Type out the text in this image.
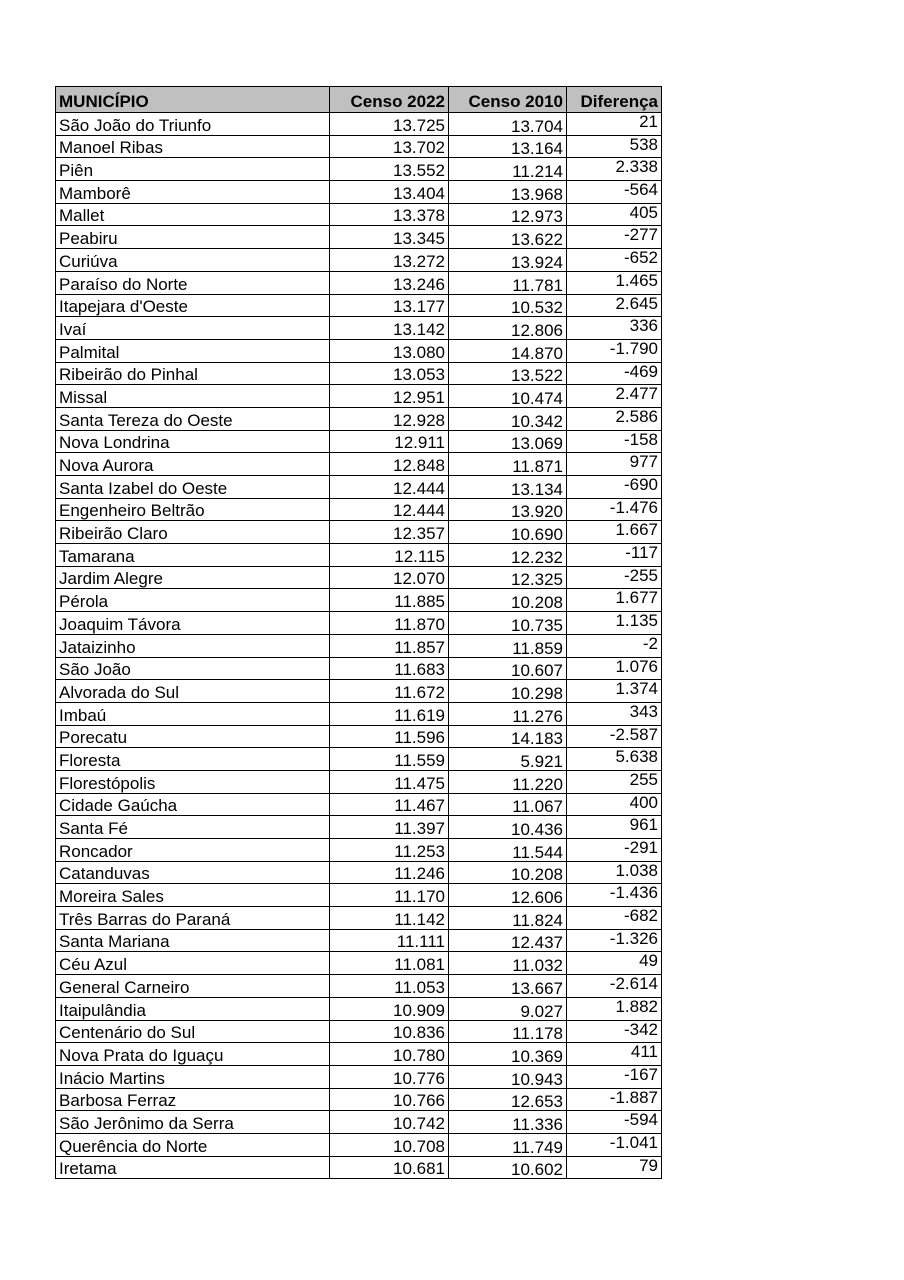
MUNICÍPIO	Censo 2022	Censo 2010	Diferença
São João do Triunfo	13.725	13.704	21
Manoel Ribas	13.702	13.164	538
Piên	13.552	11.214	2.338
Mamborê	13.404	13.968	-564
Mallet	13.378	12.973	405
Peabiru	13.345	13.622	-277
Curiúva	13.272	13.924	-652
Paraíso do Norte	13.246	11.781	1.465
Itapejara d'Oeste	13.177	10.532	2.645
Ivaí	13.142	12.806	336
Palmital	13.080	14.870	-1.790
Ribeirão do Pinhal	13.053	13.522	-469
Missal	12.951	10.474	2.477
Santa Tereza do Oeste	12.928	10.342	2.586
Nova Londrina	12.911	13.069	-158
Nova Aurora	12.848	11.871	977
Santa Izabel do Oeste	12.444	13.134	-690
Engenheiro Beltrão	12.444	13.920	-1.476
Ribeirão Claro	12.357	10.690	1.667
Tamarana	12.115	12.232	-117
Jardim Alegre	12.070	12.325	-255
Pérola	11.885	10.208	1.677
Joaquim Távora	11.870	10.735	1.135
Jataizinho	11.857	11.859	-2
São João	11.683	10.607	1.076
Alvorada do Sul	11.672	10.298	1.374
Imbaú	11.619	11.276	343
Porecatu	11.596	14.183	-2.587
Floresta	11.559	5.921	5.638
Florestópolis	11.475	11.220	255
Cidade Gaúcha	11.467	11.067	400
Santa Fé	11.397	10.436	961
Roncador	11.253	11.544	-291
Catanduvas	11.246	10.208	1.038
Moreira Sales	11.170	12.606	-1.436
Três Barras do Paraná	11.142	11.824	-682
Santa Mariana	11.111	12.437	-1.326
Céu Azul	11.081	11.032	49
General Carneiro	11.053	13.667	-2.614
Itaipulândia	10.909	9.027	1.882
Centenário do Sul	10.836	11.178	-342
Nova Prata do Iguaçu	10.780	10.369	411
Inácio Martins	10.776	10.943	-167
Barbosa Ferraz	10.766	12.653	-1.887
São Jerônimo da Serra	10.742	11.336	-594
Querência do Norte	10.708	11.749	-1.041
Iretama	10.681	10.602	79
